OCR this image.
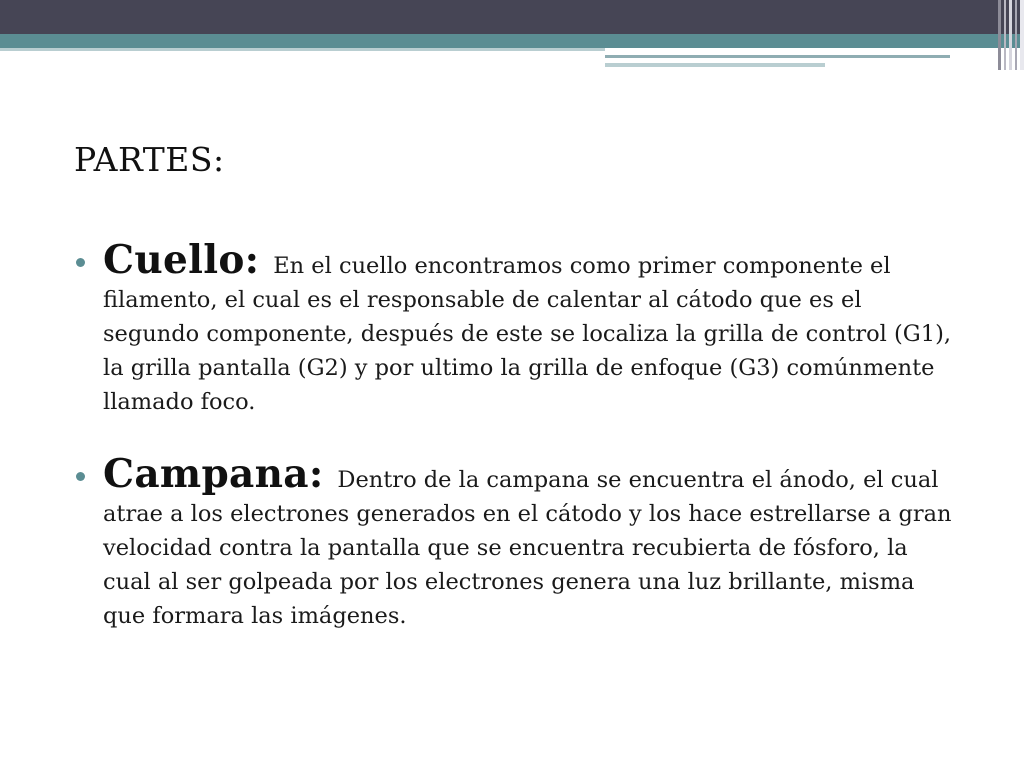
PARTES:
Cuello: En el cuello encontramos como primer componente el filamento, el cual es el responsable de calentar al cátodo que es el segundo componente, después de este se localiza la grilla de control (G1), la grilla pantalla (G2) y por ultimo la grilla de enfoque (G3) comúnmente llamado foco.
Campana: Dentro de la campana se encuentra el ánodo, el cual atrae a los electrones generados en el cátodo y los hace estrellarse a gran velocidad contra la pantalla que se encuentra recubierta de fósforo, la cual al ser golpeada por los electrones genera una luz brillante, misma que formara las imágenes.
